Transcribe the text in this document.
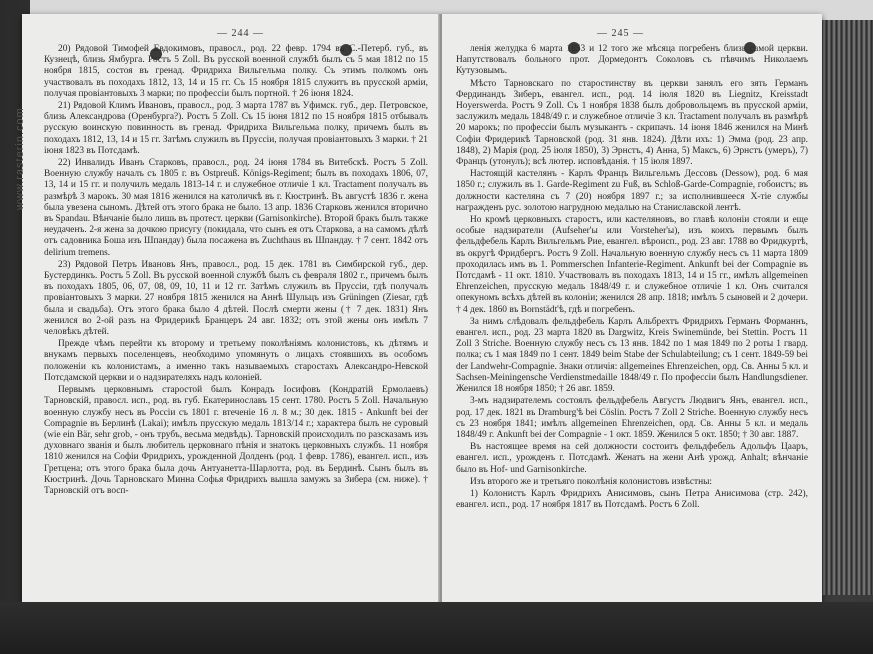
— 244 —

20) Рядовой Тимофей Евдокимовъ, правосл., род. 22 февр. 1794 въ С.-Петерб. губ., въ Кузнецѣ, близь Ямбурга. Ростъ 5 Zoll. Въ русской военной службѣ былъ съ 5 мая 1812 по 15 ноября 1815, состоя въ гренад. Фридриха Вильгельма полку. Съ этимъ полкомъ онъ участвовалъ въ походахъ 1812, 13, 14 и 15 гг. Съ 15 ноября 1815 служитъ въ прусской арміи, получая провіантовыхъ 3 марки; по професcіи былъ портной. † 26 іюня 1824.

21) Рядовой Климъ Ивановъ, правосл., род. 3 марта 1787 въ Уфимск. губ., дер. Петровское, близь Александрова (Оренбурга?). Ростъ 5 Zoll. Съ 15 іюня 1812 по 15 ноября 1815 отбывалъ русскую воинскую повинность въ гренад. Фридриха Вильгельма полку, причемъ былъ въ походахъ 1812, 13, 14 и 15 гг. Затѣмъ служилъ въ Пруссіи, получая провіантовыхъ 3 марки. † 21 іюня 1823 въ Потсдамѣ.

22) Инвалидъ Иванъ Старковъ, правосл., род. 24 іюня 1784 въ Витебскѣ. Ростъ 5 Zoll. Военную службу началъ съ 1805 г. въ Ostpreuß. Königs-Regiment; былъ въ походахъ 1806, 07, 13, 14 и 15 гг. и получилъ медаль 1813-14 г. и служебное отличіе 1 кл. Tractament получалъ въ размѣрѣ 3 марокъ. 30 мая 1816 женился на католичкѣ въ г. Кюстринѣ. Въ августѣ 1836 г. жена была увезена сыномъ. Дѣтей отъ этого брака не было. 13 апр. 1836 Старковъ женился вторично въ Spandau. Вѣнчаніе было лишь въ протест. церкви (Garnisonkirche). Второй бракъ былъ также неудаченъ. 2-я жена за дочкою присугу (покидала, что сынъ ея отъ Старкова, а на самомъ дѣлѣ отъ садовника Боша изъ Шпандау) была посажена въ Zuchthaus въ Шпандау. † 7 сент. 1842 отъ delirium tremens.

23) Рядовой Петръ Ивановъ Янъ, правосл., род. 15 дек. 1781 въ Симбирской губ., дер. Бустердинкъ. Ростъ 5 Zoll. Въ русской военной службѣ былъ съ февраля 1802 г., причемъ былъ въ походахъ 1805, 06, 07, 08, 09, 10, 11 и 12 гг. Затѣмъ служилъ въ Пруссіи, гдѣ получалъ провіантовыхъ 3 марки. 27 ноября 1815 женился на Аннѣ Шульцъ изъ Grüningen (Ziesar, гдѣ была и свадьба). Отъ этого брака было 4 дѣтей. Послѣ смерти жены († 7 дек. 1831) Янъ женился во 2-ой разъ на Фридерикѣ Бранцеръ 24 авг. 1832; отъ этой жены онъ имѣлъ 7 человѣкъ дѣтей.

Прежде чѣмъ перейти къ второму и третьему поколѣніямъ колонистовъ, къ дѣтямъ и внукамъ первыхъ поселенцевъ, необходимо упомянуть о лицахъ стоявшихъ въ особомъ положеніи къ колонистамъ, а именно такъ называемыхъ старостахъ Александро-Невской Потсдамской церкви и о надзирателяхъ надъ колоніей.

Первымъ церковнымъ старостой былъ Конрадъ Іосифовъ (Кондратій Ермолаевъ) Тарновскій, правосл. исп., род. въ губ. Екатеринославъ 15 сент. 1780. Ростъ 5 Zoll. Начальную военную службу несъ въ Россіи съ 1801 г. втеченіе 16 л. 8 м.; 30 дек. 1815 - Ankunft bei der Compagnie въ Берлинѣ (Lakai); имѣлъ прусскую медаль 1813/14 г.; характера былъ не суровый (wie ein Bär, sehr grob, - онъ трубъ, весьма медвѣдь). Тарновскій происходилъ по разсказамъ изъ духовнаго званія и былъ любитель церковнаго пѣнія и знатокъ церковныхъ службъ. 11 ноября 1810 женился на Софіи Фридрихъ, урожденной Долденъ (род. 1 февр. 1786), евангел. исп., изъ Гретцена; отъ этого брака была дочь Антуанетта-Шарлотта, род. въ Бердинѣ. Сынъ былъ въ Кюстринѣ. Дочь Тарновскаго Минна Софья Фридрихъ вышла замужъ за Зибера (см. ниже). † Тарновскій отъ восп-

— 245 —

ленія желудка 6 марта 1853 и 12 того же мѣсяца погребенъ близь самой церкви. Напутствовалъ больного прот. Дормедонтъ Соколовъ съ пѣвчимъ Николаемъ Кутузовымъ.

Мѣсто Тарновскаго по старостинству въ церкви занялъ его зять Германъ Фердинандъ Зиберъ, евангел. исп., род. 14 іюля 1820 въ Liegnitz, Kreisstadt Hoyerswerda. Ростъ 9 Zoll. Съ 1 ноября 1838 былъ добровольцемъ въ прусской арміи, заслужилъ медаль 1848/49 г. и служебное отличіе 3 кл. Tractament получалъ въ размѣрѣ 20 марокъ; по професcіи былъ музыкантъ - скрипачъ. 14 іюня 1846 женился на Минѣ Софіи Фридерикѣ Тарновской (род. 31 янв. 1824). Дѣти ихъ: 1) Эмма (род. 23 апр. 1848), 2) Марія (род. 25 іюля 1850), 3) Эрнстъ, 4) Анна, 5) Максъ, 6) Эрнстъ (умеръ), 7) Францъ (утонулъ); всѣ лютер. исповѣданія. † 15 іюля 1897.

Настоящій кастелянъ - Карлъ Францъ Вильгельмъ Дессовъ (Dessow), род. 6 мая 1850 г.; служилъ въ 1. Garde-Regiment zu Fuß, въ Schloß-Garde-Compagnie, гобоистъ; въ должности кастеляна съ 7 (20) ноября 1897 г.; за исполнившееся Х-тіе службы награжденъ рус. золотою нагрудною медалью на Станиславской лентѣ.

Но кромѣ церковныхъ старостъ, или кастеляновъ, во главѣ колоніи стояли и еще особые надзиратели (Aufseher'ы или Vorsteher'ы), изъ коихъ первымъ былъ фельдфебель Карлъ Вильгельмъ Рие, евангел. вѣроисп., род. 23 авг. 1788 во Фридкуртѣ, въ округѣ Фридбергъ. Ростъ 9 Zoll. Начальную военную службу несъ съ 11 марта 1809 проходилась имъ въ 1. Pommerschen Infanterie-Regiment. Ankunft bei der Compagnie въ Потсдамѣ - 11 окт. 1810. Участвовалъ въ походахъ 1813, 14 и 15 гг., имѣлъ allgemeinen Ehrenzeichen, прусскую медаль 1848/49 г. и служебное отличіе 1 кл. Онъ считался опекуномъ всѣхъ дѣтей въ колоніи; женился 28 апр. 1818; имѣлъ 5 сыновей и 2 дочери. † 4 дек. 1860 въ Bornstädt'ѣ, гдѣ и погребенъ.

За нимъ слѣдовалъ фельдфебель Карлъ Альбрехтъ Фридрихъ Германъ Форманнъ, евангел. исп., род. 23 марта 1820 въ Dargwitz, Kreis Swinemünde, bei Stettin. Ростъ 11 Zoll 3 Striche. Военную службу несъ съ 13 янв. 1842 по 1 мая 1849 по 2 роты 1 гвард. полка; съ 1 мая 1849 по 1 сент. 1849 beim Stabe der Schulabteilung; съ 1 сент. 1849-59 bei der Landwehr-Compagnie. Знаки отличія: allgemeines Ehrenzeichen, орд. Св. Анны 5 кл. и Sachsen-Meiningensche Verdienstmedaille 1848/49 г. По професcіи былъ Handlungsdiener. Женился 18 ноября 1850; † 26 авг. 1859.

3-мъ надзирателемъ состоялъ фельдфебель Августъ Людвигъ Янъ, евангел. исп., род. 17 дек. 1821 въ Dramburg'ѣ bei Cöslin. Ростъ 7 Zoll 2 Striche. Военную службу несъ съ 23 ноября 1841; имѣлъ allgemeinen Ehrenzeichen, орд. Св. Анны 5 кл. и медаль 1848/49 г. Ankunft bei der Compagnie - 1 окт. 1859. Женился 5 окт. 1850; † 30 авг. 1887.

Въ настоящее время на сей должности состоитъ фельдфебель Адольфъ Цааръ, евангел. исп., урожденъ г. Потсдамѣ. Женатъ на жени Анѣ урожд. Anhalt; вѣнчаніе было въ Hof- und Garnisonkirche.

Изъ второго же и третьяго поколѣнія колонистовъ извѣстны:

1) Колонистъ Карлъ Фридрихъ Анисимовъ, сынъ Петра Анисимова (стр. 242), евангел. исп., род. 17 ноября 1817 въ Потсдамѣ. Ростъ 6 Zoll.

www.rasterin.com
